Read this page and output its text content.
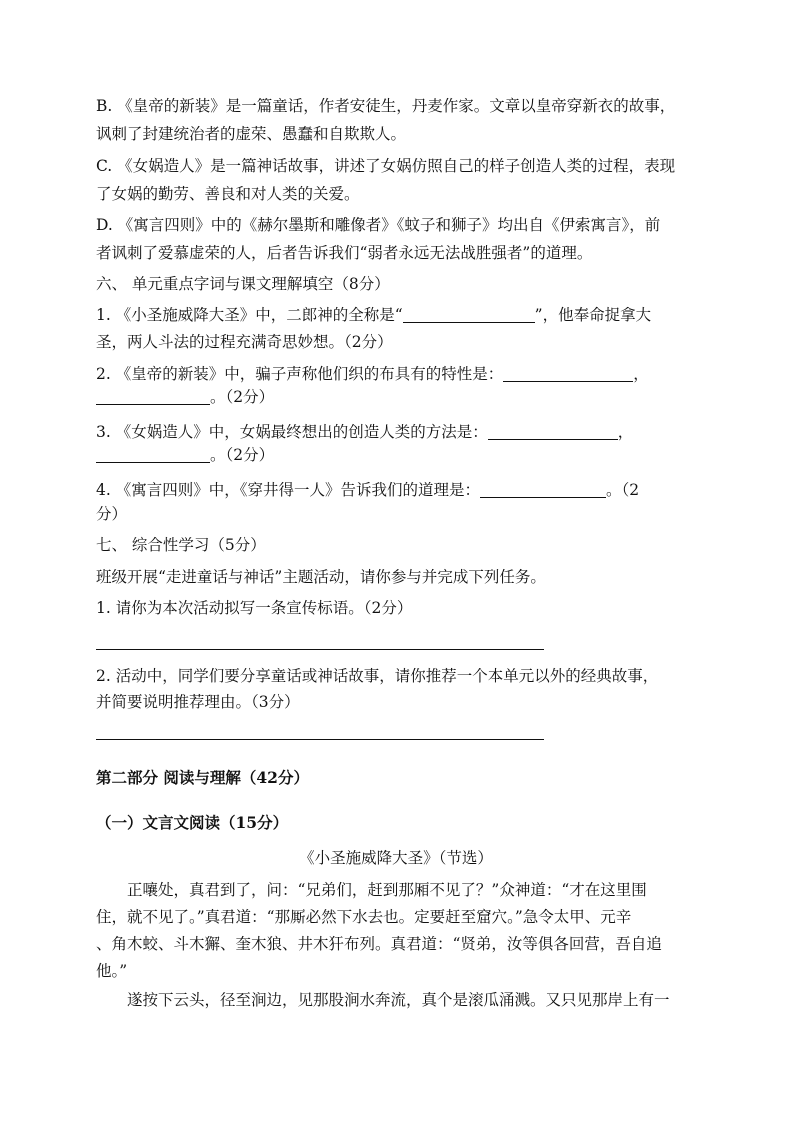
B. 《皇帝的新装》是一篇童话，作者安徒生，丹麦作家。文章以皇帝穿新衣的故事，
讽刺了封建统治者的虚荣、愚蠢和自欺欺人。
C. 《女娲造人》是一篇神话故事，讲述了女娲仿照自己的样子创造人类的过程，表现
了女娲的勤劳、善良和对人类的关爱。
D. 《寓言四则》中的《赫尔墨斯和雕像者》《蚊子和狮子》均出自《伊索寓言》，前
者讽刺了爱慕虚荣的人，后者告诉我们“弱者永远无法战胜强者”的道理。
六、 单元重点字词与课文理解填空（8分）
1. 《小圣施威降大圣》中，二郎神的全称是“	”，他奉命捉拿大
圣，两人斗法的过程充满奇思妙想。（2分）
2. 《皇帝的新装》中，骗子声称他们织的布具有的特性是：	，
。（2分）
3. 《女娲造人》中，女娲最终想出的创造人类的方法是：	，
。（2分）
4. 《寓言四则》中，《穿井得一人》告诉我们的道理是：	。（2
分）
七、 综合性学习（5分）
班级开展“走进童话与神话”主题活动，请你参与并完成下列任务。
1. 请你为本次活动拟写一条宣传标语。（2分）
2. 活动中，同学们要分享童话或神话故事，请你推荐一个本单元以外的经典故事，
并简要说明推荐理由。（3分）
第二部分 阅读与理解（42分）
（一）文言文阅读（15分）
《小圣施威降大圣》（节选）
正嚷处，真君到了，问：“兄弟们，赶到那厢不见了？”众神道：“才在这里围
住，就不见了。”真君道：“那厮必然下水去也。定要赶至窟穴。”急令太甲、元辛
、角木蛟、斗木獬、奎木狼、井木犴布列。真君道：“贤弟，汝等俱各回营，吾自追
他。”
遂按下云头，径至涧边，见那股涧水奔流，真个是滚瓜涌溅。又只见那岸上有一
